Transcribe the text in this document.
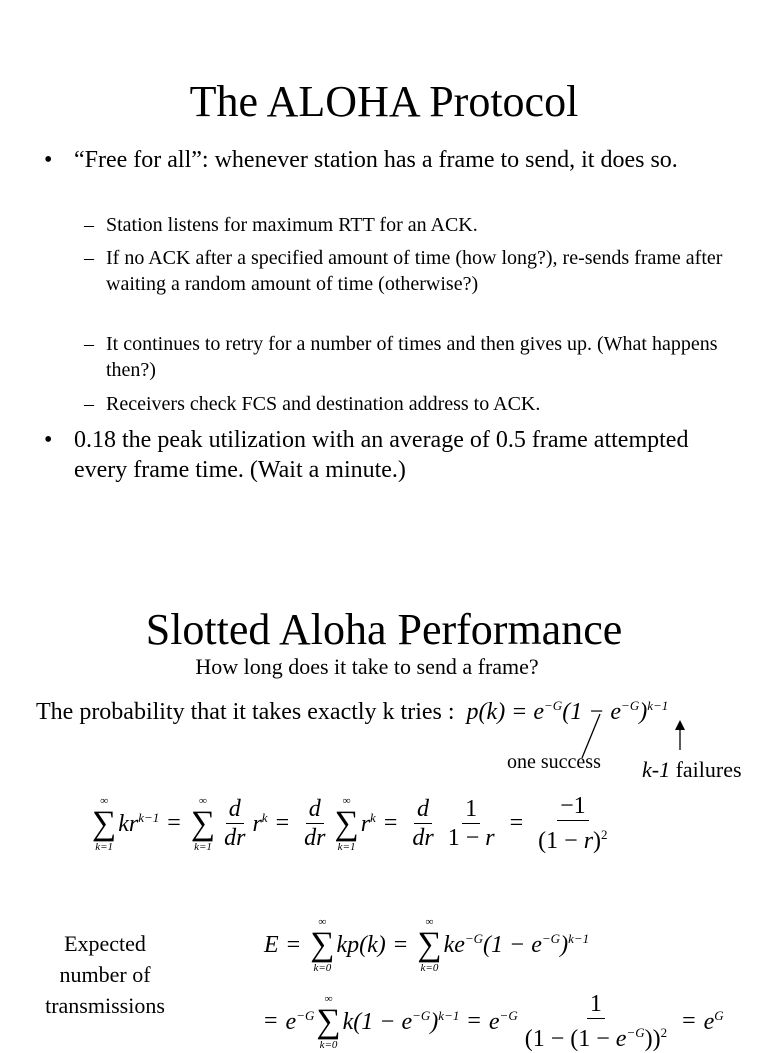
The ALOHA Protocol
• “Free for all”: whenever station has a frame to send, it does so.
– Station listens for maximum RTT for an ACK.
– If no ACK after a specified amount of time (how long?), re-sends frame after waiting a random amount of time (otherwise?)
– It continues to retry for a number of times and then gives up. (What happens then?)
– Receivers check FCS and destination address to ACK.
• 0.18 the peak utilization with an average of 0.5 frame attempted every frame time. (Wait a minute.)
Slotted Aloha Performance
How long does it take to send a frame?
The probability that it takes exactly k tries :  $p(k) = e^{-G}(1 - e^{-G})^{k-1}$
one success k-1 failures
∞
∑
k=1
$kr^{k-1}$ =
∞
∑
$k=1 \frac{d}{dr} r^k = \frac{d}{dr}$ ∞
∑
k=1
$r^k = \frac{d}{dr} \frac{1}{1 - r} = \frac{-1}{(1 - r)^2}$
Expected number of transmissions
E =
∞
∑
k=0
kp(k) =
∞
∑
k=0
$ke^{-G}(1 - e^{-G})^{k-1}$
= $e^{-G}$
∞
∑
k=0
$k(1 - e^{-G})^{k-1} = e^{-G} \frac{1}{(1 - (1 - e^{-G}))^2} = e^G$
